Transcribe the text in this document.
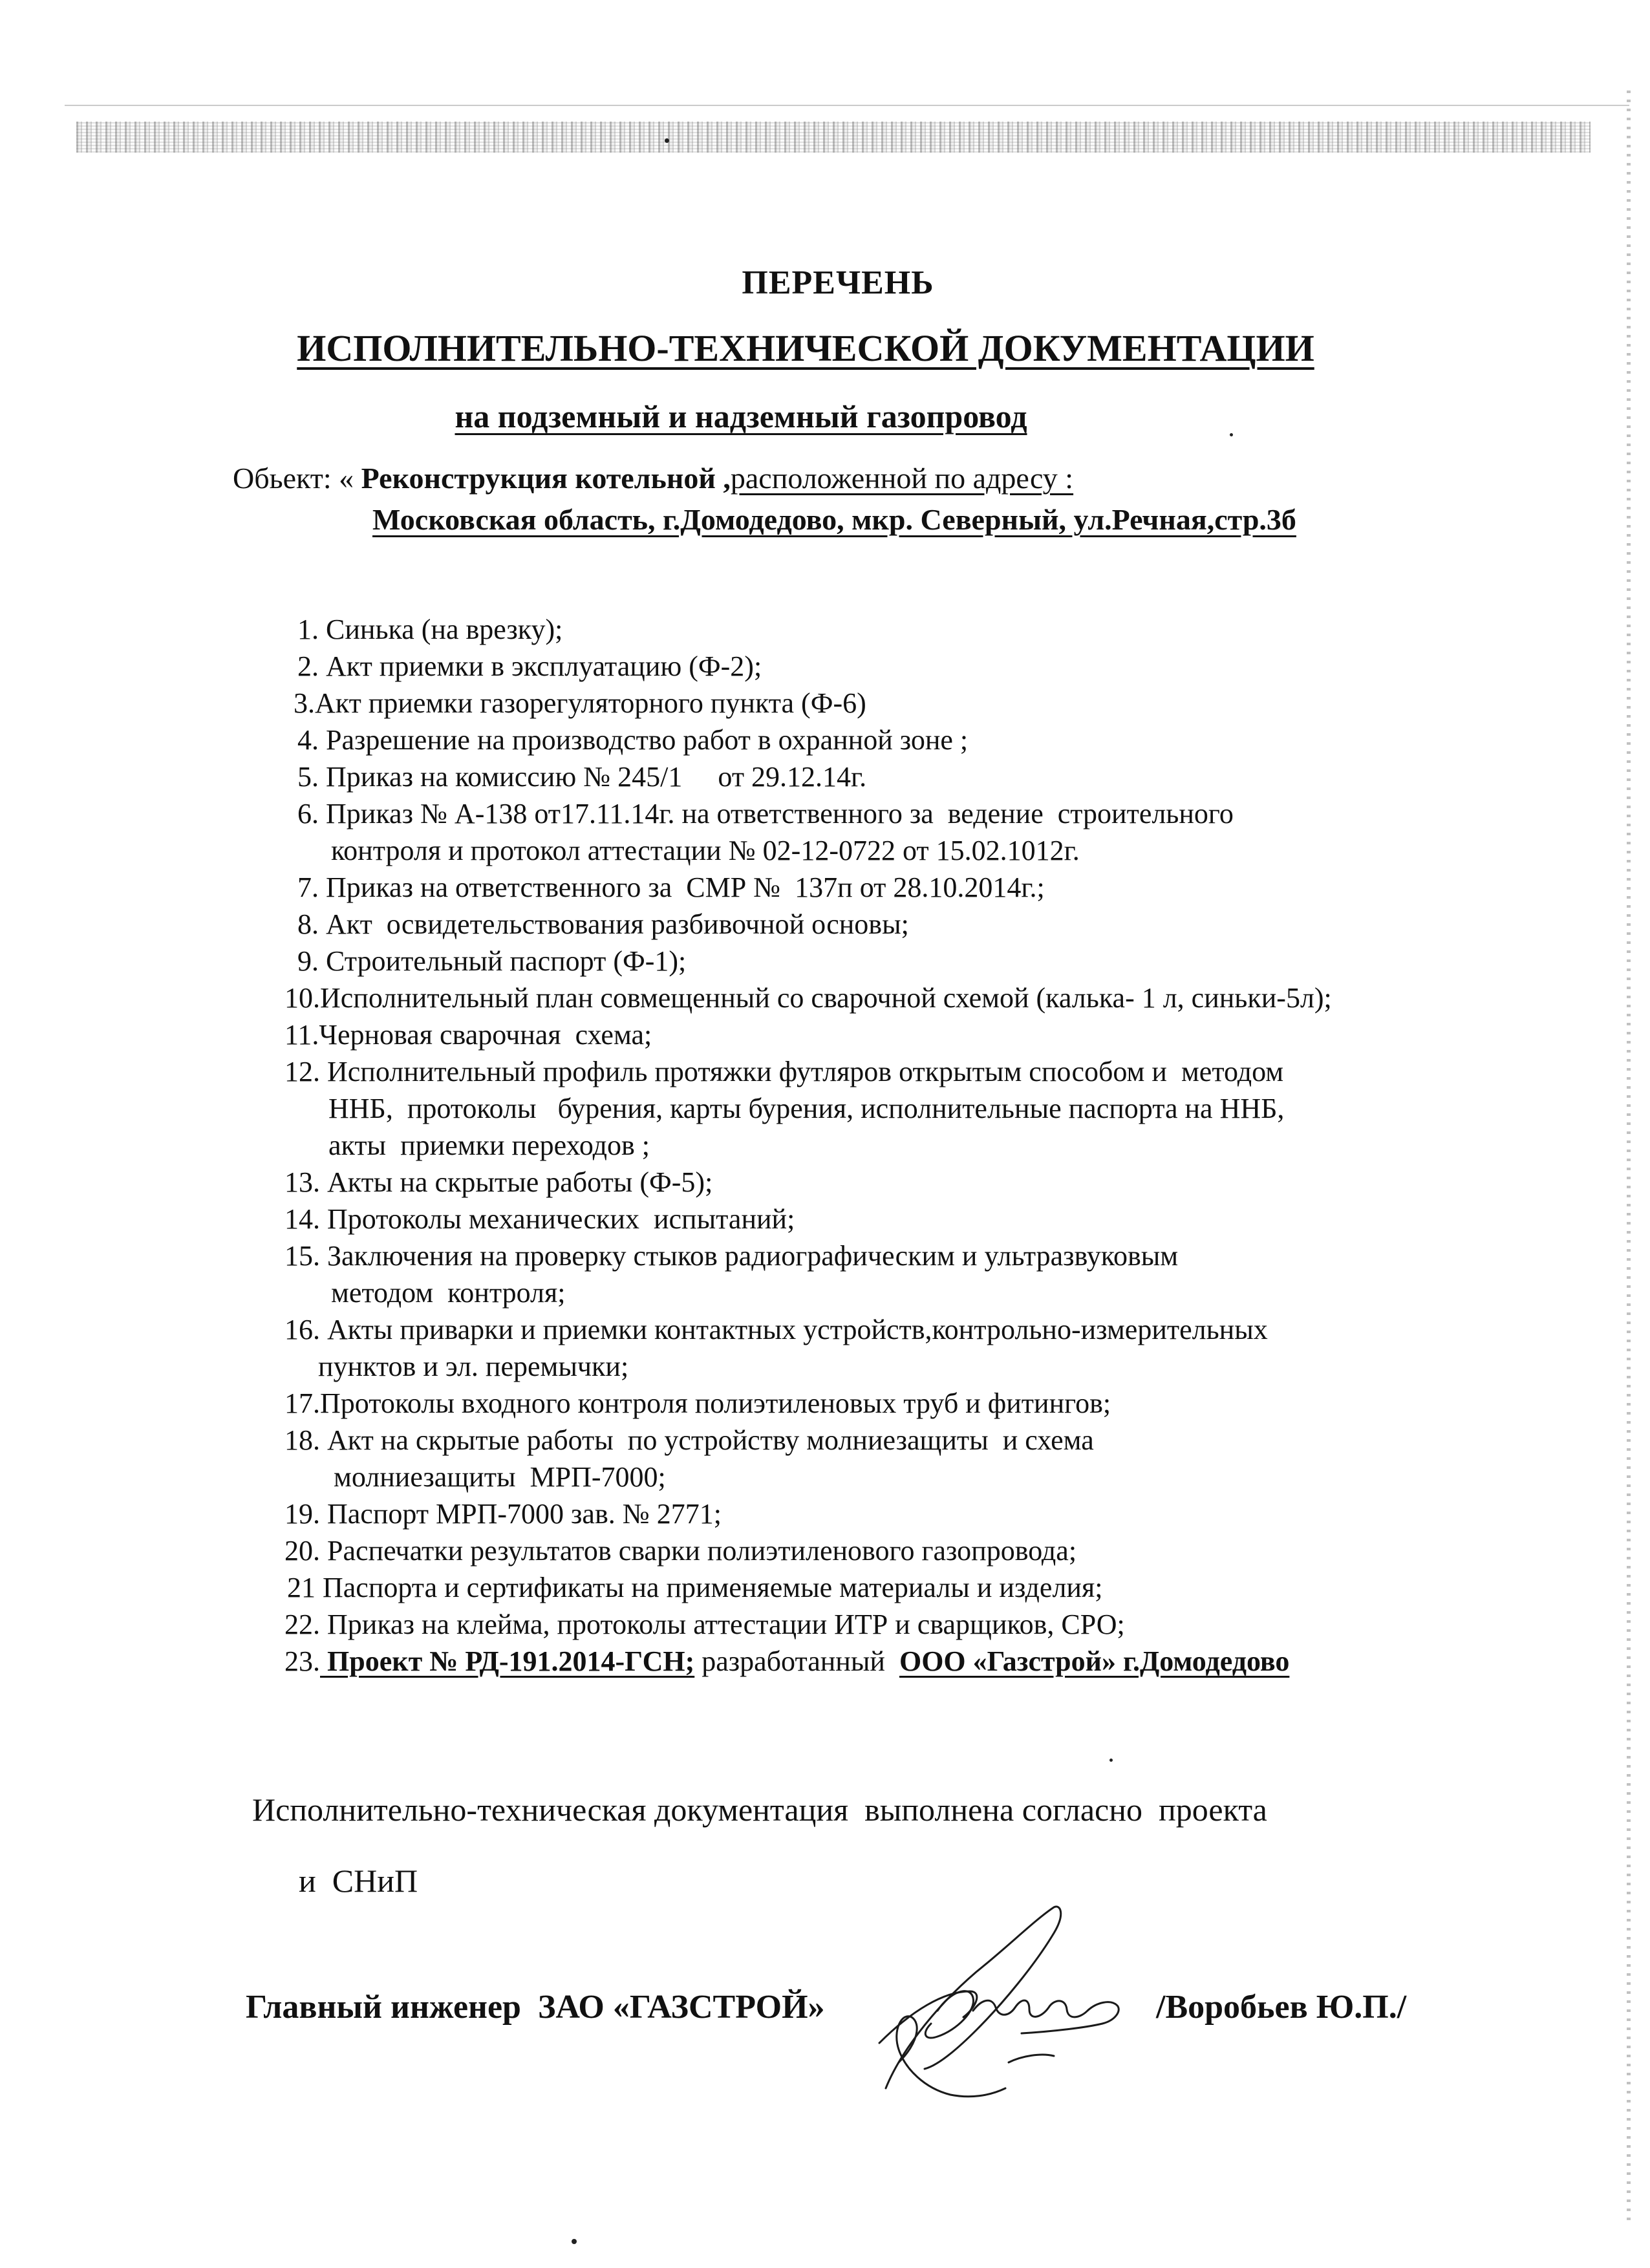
ПЕРЕЧЕНЬ
ИСПОЛНИТЕЛЬНО-ТЕХНИЧЕСКОЙ ДОКУМЕНТАЦИИ
на подземный и надземный газопровод
Обьект: « Реконструкция котельной ,расположенной по адресу :
Московская область, г.Домодедово, мкр. Северный, ул.Речная,стр.3б
1. Синька (на врезку);
2. Акт приемки в эксплуатацию (Ф-2);
3.Акт приемки газорегуляторного пункта (Ф-6)
4. Разрешение на производство работ в охранной зоне ;
5. Приказ на комиссию № 245/1     от 29.12.14г.
6. Приказ № А-138 от17.11.14г. на ответственного за  ведение  строительного
контроля и протокол аттестации № 02-12-0722 от 15.02.1012г.
7. Приказ на ответственного за  СМР №  137п от 28.10.2014г.;
8. Акт  освидетельствования разбивочной основы;
9. Строительный паспорт (Ф-1);
10.Исполнительный план совмещенный со сварочной схемой (калька- 1 л, синьки-5л);
11.Черновая сварочная  схема;
12. Исполнительный профиль протяжки футляров открытым способом и  методом
ННБ,  протоколы   бурения, карты бурения, исполнительные паспорта на ННБ,
акты  приемки переходов ;
13. Акты на скрытые работы (Ф-5);
14. Протоколы механических  испытаний;
15. Заключения на проверку стыков радиографическим и ультразвуковым
методом  контроля;
16. Акты приварки и приемки контактных устройств,контрольно-измерительных
пунктов и эл. перемычки;
17.Протоколы входного контроля полиэтиленовых труб и фитингов;
18. Акт на скрытые работы  по устройству молниезащиты  и схема
молниезащиты  МРП-7000;
19. Паспорт МРП-7000 зав. № 2771;
20. Распечатки результатов сварки полиэтиленового газопровода;
21 Паспорта и сертификаты на применяемые материалы и изделия;
22. Приказ на клейма, протоколы аттестации ИТР и сварщиков, СРО;
23. Проект № РД-191.2014-ГСН; разработанный  ООО «Газстрой» г.Домодедово
Исполнительно-техническая документация  выполнена согласно  проекта
и  СНиП
Главный инженер  ЗАО «ГАЗСТРОЙ»	/Воробьев Ю.П./
